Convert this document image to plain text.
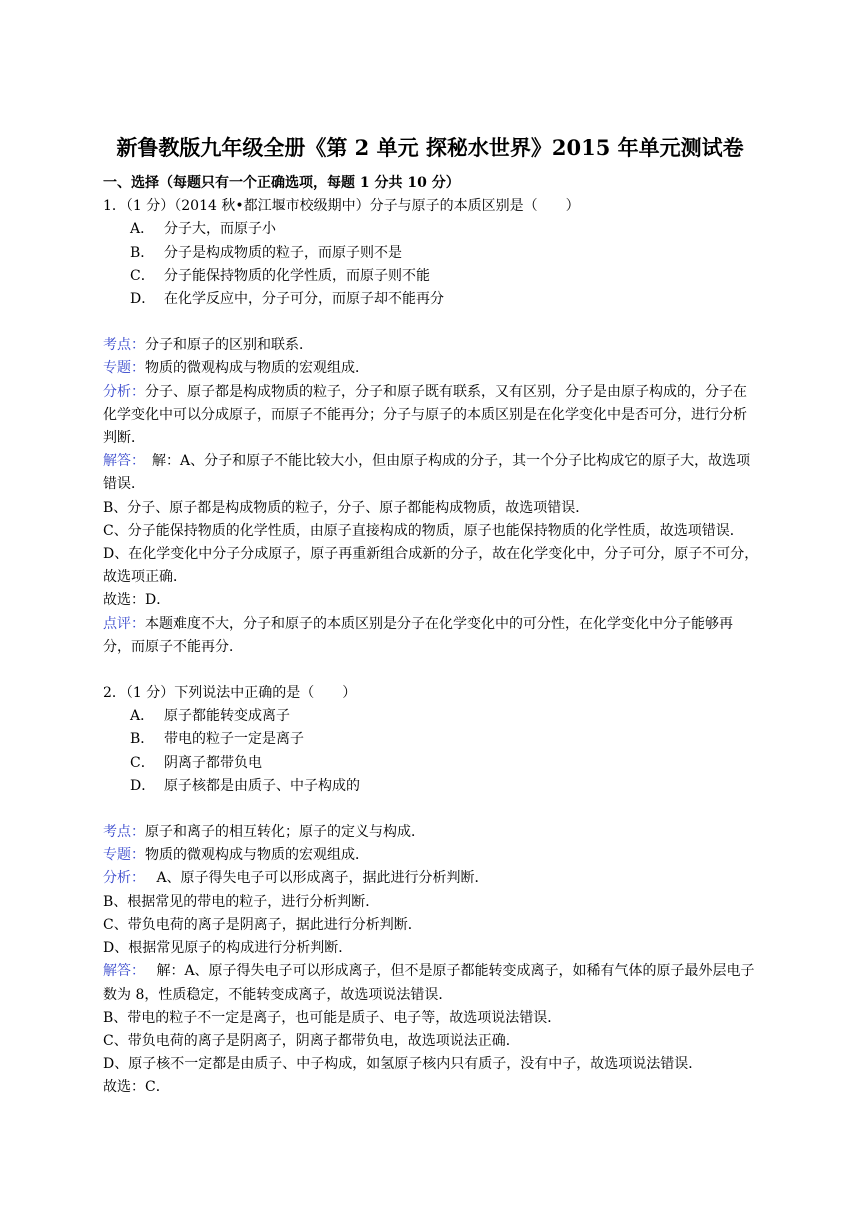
新鲁教版九年级全册《第 2 单元 探秘水世界》2015 年单元测试卷

一、选择（每题只有一个正确选项，每题 1 分共 10 分）

1．（1 分）（2014 秋•都江堰市校级期中）分子与原子的本质区别是（　　）

A． 分子大，而原子小

B． 分子是构成物质的粒子，而原子则不是

C． 分子能保持物质的化学性质，而原子则不能

D． 在化学反应中，分子可分，而原子却不能再分

考点：分子和原子的区别和联系．

专题：物质的微观构成与物质的宏观组成．

分析：分子、原子都是构成物质的粒子，分子和原子既有联系，又有区别，分子是由原子构成的，分子在化学变化中可以分成原子，而原子不能再分；分子与原子的本质区别是在化学变化中是否可分，进行分析判断．

解答：　解：A、分子和原子不能比较大小，但由原子构成的分子，其一个分子比构成它的原子大，故选项错误．

B、分子、原子都是构成物质的粒子，分子、原子都能构成物质，故选项错误．

C、分子能保持物质的化学性质，由原子直接构成的物质，原子也能保持物质的化学性质，故选项错误．

D、在化学变化中分子分成原子，原子再重新组合成新的分子，故在化学变化中，分子可分，原子不可分，故选项正确．

故选：D．

点评：本题难度不大，分子和原子的本质区别是分子在化学变化中的可分性，在化学变化中分子能够再分，而原子不能再分．

2．（1 分）下列说法中正确的是（　　）

A． 原子都能转变成离子

B． 带电的粒子一定是离子

C． 阴离子都带负电

D． 原子核都是由质子、中子构成的

考点：原子和离子的相互转化；原子的定义与构成．

专题：物质的微观构成与物质的宏观组成．

分析：　 A、原子得失电子可以形成离子，据此进行分析判断．

B、根据常见的带电的粒子，进行分析判断．

C、带负电荷的离子是阴离子，据此进行分析判断．

D、根据常见原子的构成进行分析判断．

解答：　 解：A、原子得失电子可以形成离子，但不是原子都能转变成离子，如稀有气体的原子最外层电子数为 8，性质稳定，不能转变成离子，故选项说法错误．

B、带电的粒子不一定是离子，也可能是质子、电子等，故选项说法错误．

C、带负电荷的离子是阴离子，阴离子都带负电，故选项说法正确．

D、原子核不一定都是由质子、中子构成，如氢原子核内只有质子，没有中子，故选项说法错误．

故选：C．
